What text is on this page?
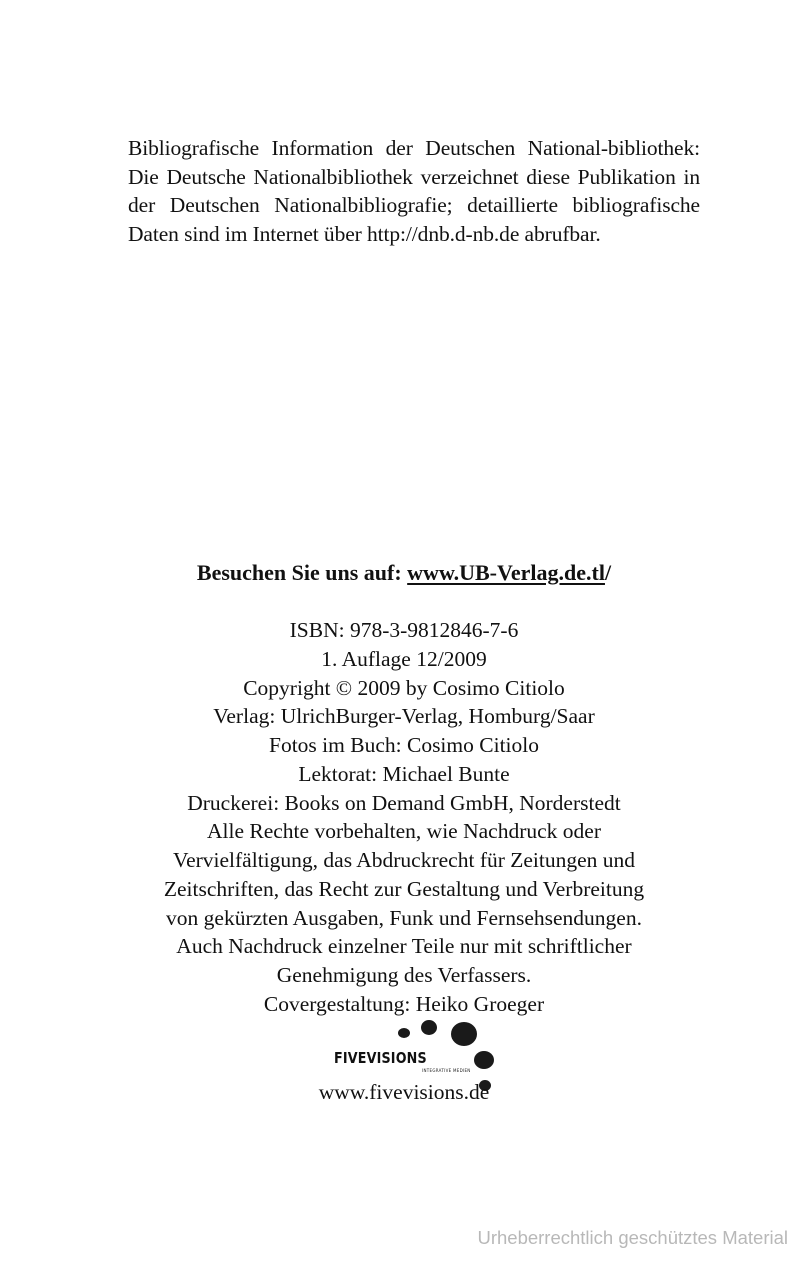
Bibliografische Information der Deutschen National-bibliothek: Die Deutsche Nationalbibliothek verzeichnet diese Publikation in der Deutschen Nationalbibliografie; detaillierte bibliografische Daten sind im Internet über http://dnb.d-nb.de abrufbar.
Besuchen Sie uns auf: www.UB-Verlag.de.tl/
ISBN: 978-3-9812846-7-6
1. Auflage 12/2009
Copyright © 2009 by Cosimo Citiolo
Verlag: UlrichBurger-Verlag, Homburg/Saar
Fotos im Buch: Cosimo Citiolo
Lektorat: Michael Bunte
Druckerei: Books on Demand GmbH, Norderstedt
Alle Rechte vorbehalten, wie Nachdruck oder
Vervielfältigung, das Abdruckrecht für Zeitungen und
Zeitschriften, das Recht zur Gestaltung und Verbreitung
von gekürzten Ausgaben, Funk und Fernsehsendungen.
Auch Nachdruck einzelner Teile nur mit schriftlicher
Genehmigung des Verfassers.
Covergestaltung: Heiko Groeger
FIVEVISIONS
INTEGRATIVE MEDIEN
www.fivevisions.de
Urheberrechtlich geschütztes Material
